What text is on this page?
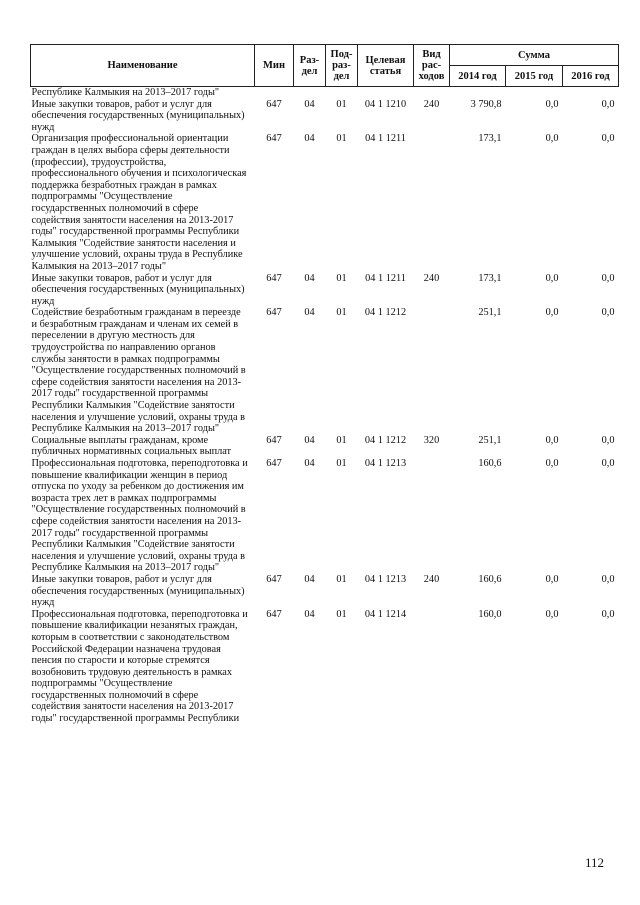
Наименование	Мин	Раз-дел	Под-раз-дел	Целевая статья	Вид рас-ходов	Сумма		
						2014 год	2015 год	2016 год
Республике Калмыкия на 2013–2017 годы"								
Иные закупки товаров, работ и услуг для обеспечения государственных (муниципальных) нужд	647	04	01	04 1 1210	240	3 790,8	0,0	0,0
Организация профессиональной ориентации граждан в целях выбора сферы деятельности (профессии), трудоустройства, профессионального обучения и психологическая поддержка безработных граждан в рамках подпрограммы "Осуществление государственных полномочий в сфере содействия занятости населения на 2013-2017 годы" государственной программы Республики Калмыкия "Содействие занятости населения и улучшение условий, охраны труда в Республике Калмыкия на 2013–2017 годы"	647	04	01	04 1 1211		173,1	0,0	0,0
Иные закупки товаров, работ и услуг для обеспечения государственных (муниципальных) нужд	647	04	01	04 1 1211	240	173,1	0,0	0,0
Содействие безработным гражданам в переезде и безработным гражданам и членам их семей в переселении в другую местность для трудоустройства по направлению органов службы занятости в рамках подпрограммы "Осуществление государственных полномочий в сфере содействия занятости населения на 2013-2017 годы" государственной программы Республики Калмыкия "Содействие занятости населения и улучшение условий, охраны труда в Республике Калмыкия на 2013–2017 годы"	647	04	01	04 1 1212		251,1	0,0	0,0
Социальные выплаты гражданам, кроме публичных нормативных социальных выплат	647	04	01	04 1 1212	320	251,1	0,0	0,0
Профессиональная подготовка, переподготовка и повышение квалификации женщин в период отпуска по уходу за ребенком до достижения им возраста трех лет в рамках подпрограммы "Осуществление государственных полномочий в сфере содействия занятости населения на 2013-2017 годы" государственной программы Республики Калмыкия "Содействие занятости населения и улучшение условий, охраны труда в Республике Калмыкия на 2013–2017 годы"	647	04	01	04 1 1213		160,6	0,0	0,0
Иные закупки товаров, работ и услуг для обеспечения государственных (муниципальных) нужд	647	04	01	04 1 1213	240	160,6	0,0	0,0
Профессиональная подготовка, переподготовка и повышение квалификации незанятых граждан, которым в соответствии с законодательством Российской Федерации назначена трудовая пенсия по старости и которые стремятся возобновить трудовую деятельность в рамках подпрограммы "Осуществление государственных полномочий в сфере содействия занятости населения на 2013-2017 годы" государственной программы Республики	647	04	01	04 1 1214		160,0	0,0	0,0
112
